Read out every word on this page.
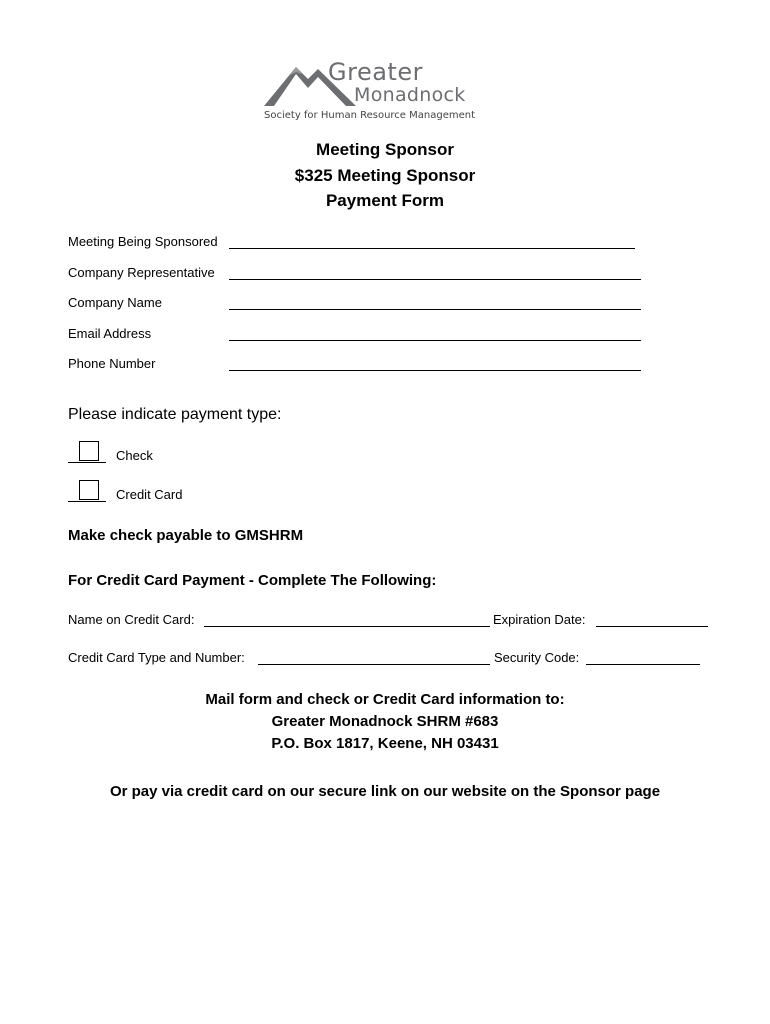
Greater
Monadnock
Society for Human Resource Management
Meeting Sponsor
$325 Meeting Sponsor
Payment Form
Meeting Being Sponsored
Company Representative
Company Name
Email Address
Phone Number
Please indicate payment type:
Check
Credit Card
Make check payable to GMSHRM
For Credit Card Payment - Complete The Following:
Name on Credit Card:	Expiration Date:
Credit Card Type and Number:	Security Code:
Mail form and check or Credit Card information to:
Greater Monadnock SHRM #683
P.O. Box 1817, Keene, NH 03431
Or pay via credit card on our secure link on our website on the Sponsor page
